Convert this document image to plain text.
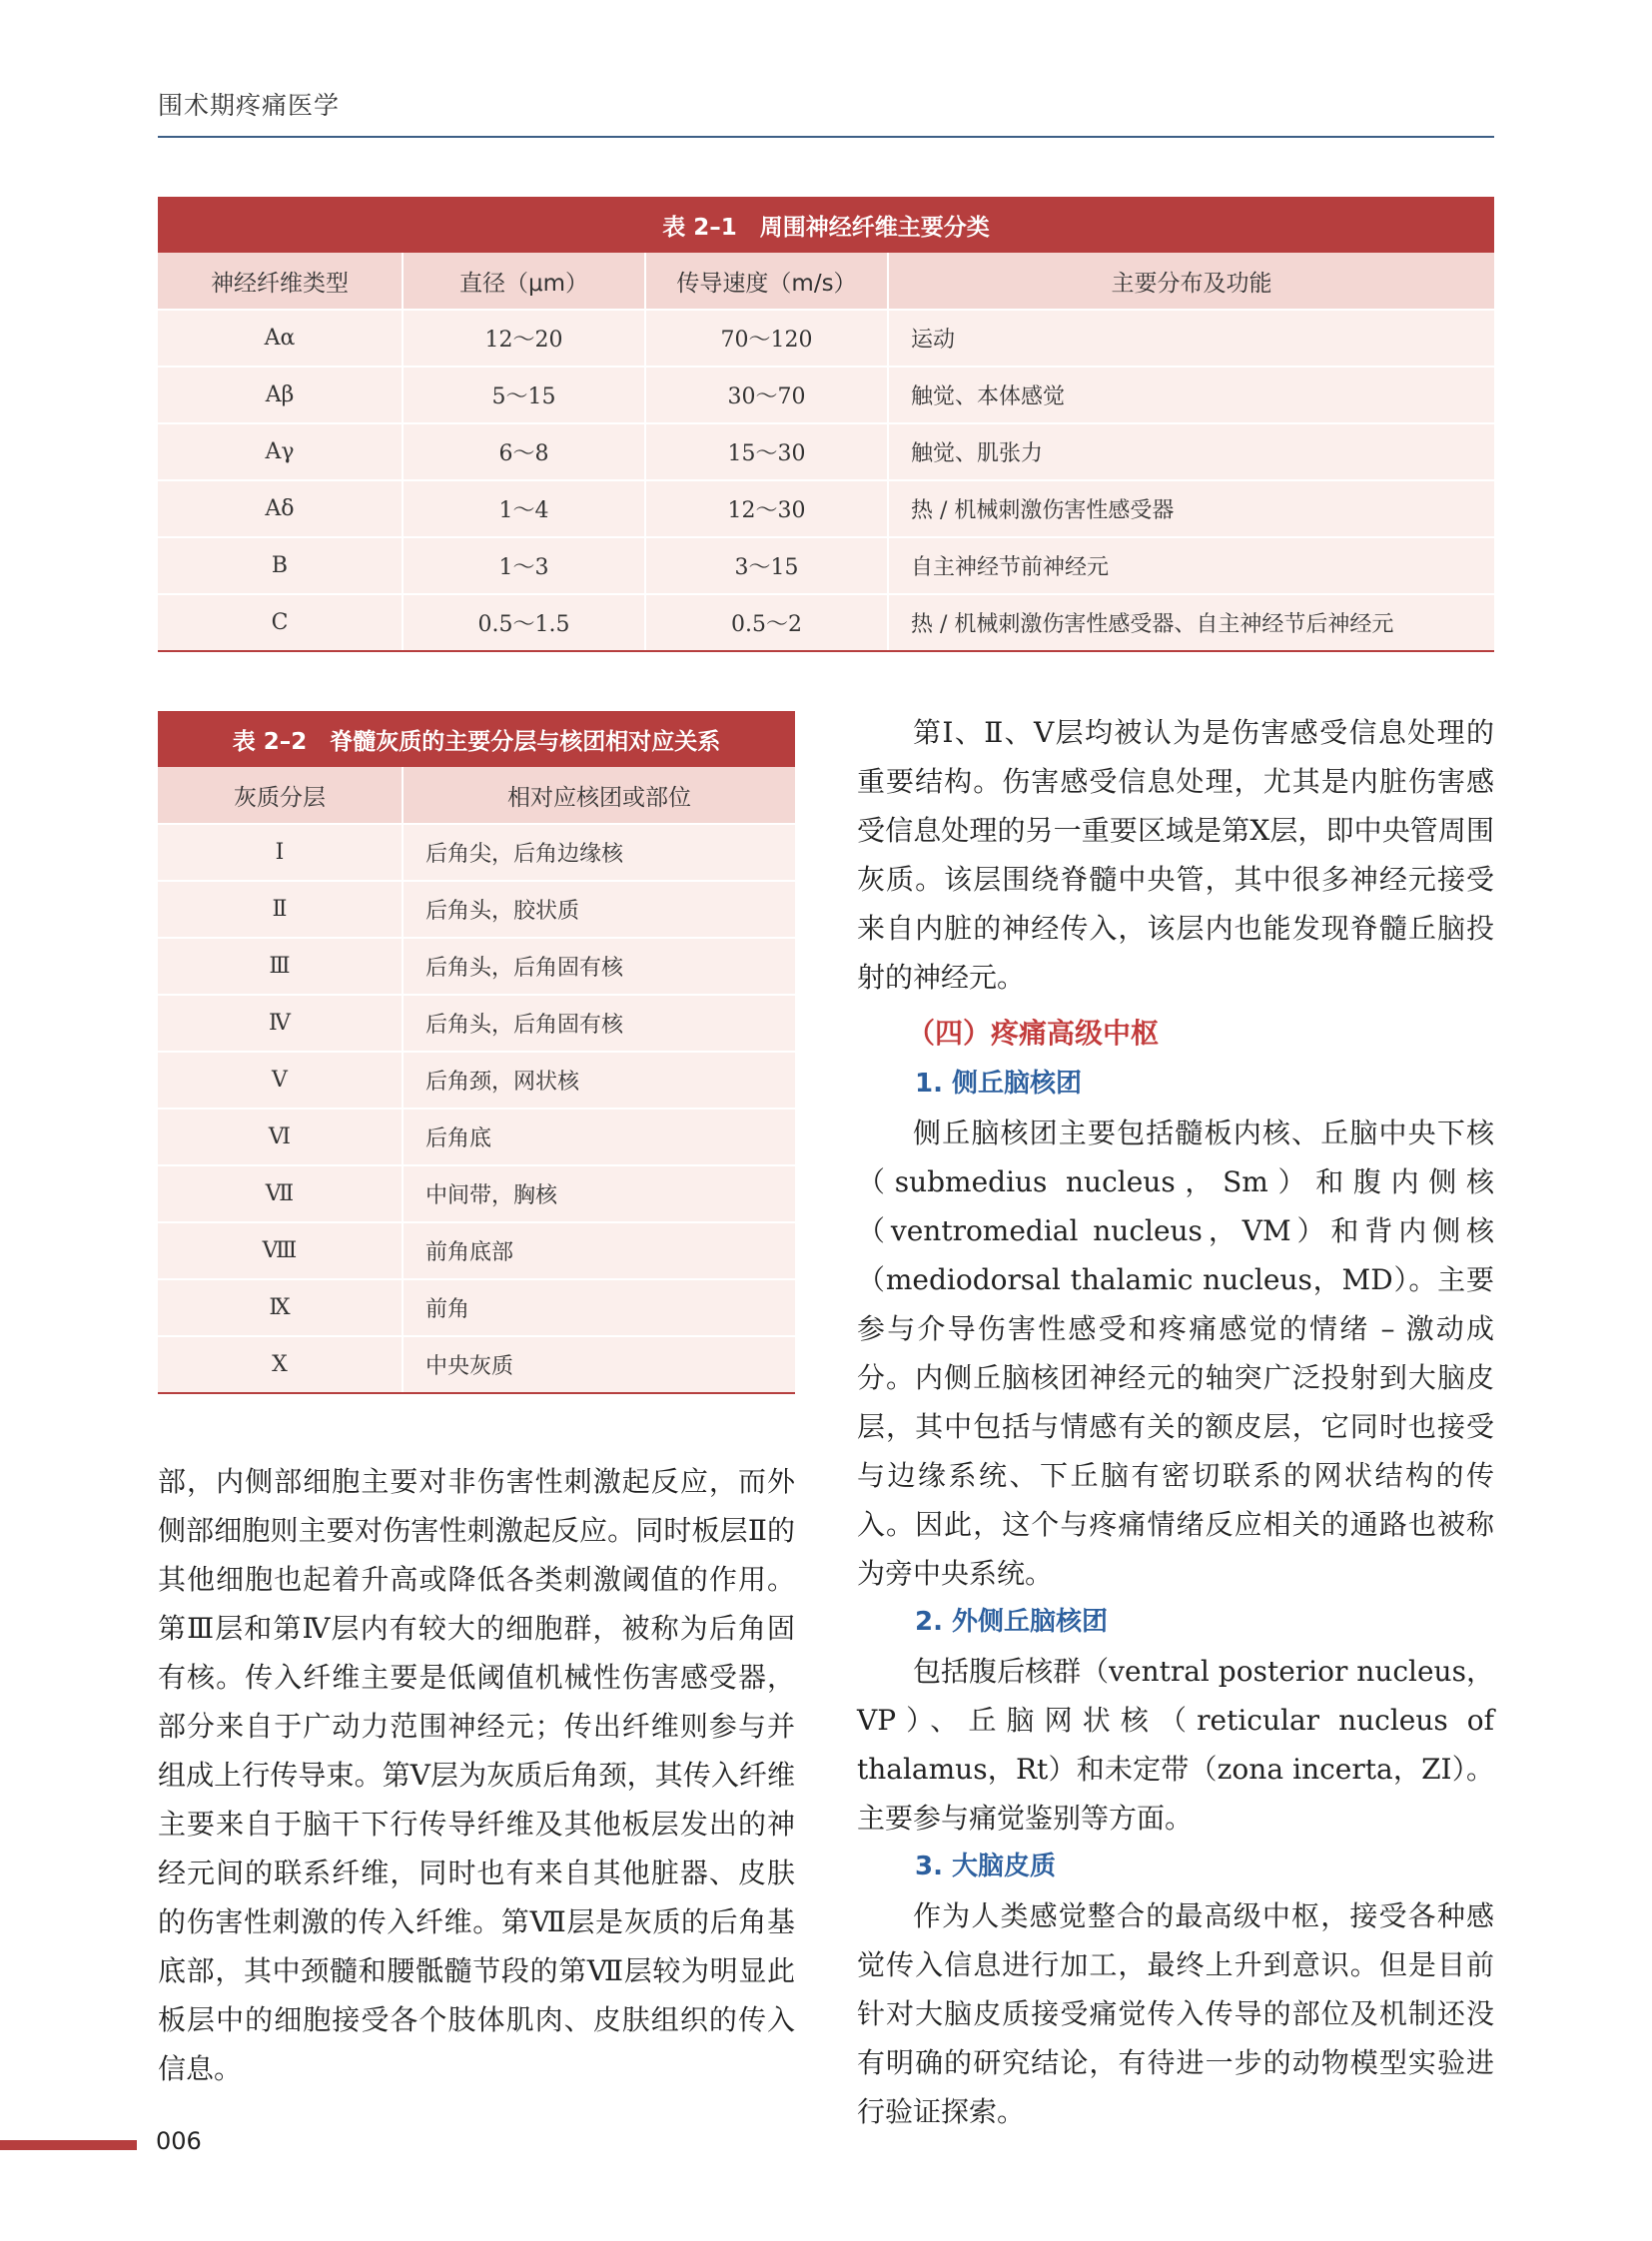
围术期疼痛医学
表 2–1　周围神经纤维主要分类			
神经纤维类型	直径（μm）	传导速度（m/s）	主要分布及功能
Aα	12～20	70～120	运动
Aβ	5～15	30～70	触觉、本体感觉
Aγ	6～8	15～30	触觉、肌张力
Aδ	1～4	12～30	热 / 机械刺激伤害性感受器
B	1～3	3～15	自主神经节前神经元
C	0.5～1.5	0.5～2	热 / 机械刺激伤害性感受器、自主神经节后神经元
表 2–2　脊髓灰质的主要分层与核团相对应关系	
灰质分层	相对应核团或部位
Ⅰ	后角尖，后角边缘核
Ⅱ	后角头，胶状质
Ⅲ	后角头，后角固有核
Ⅳ	后角头，后角固有核
Ⅴ	后角颈，网状核
Ⅵ	后角底
Ⅶ	中间带，胸核
Ⅷ	前角底部
Ⅸ	前角
Ⅹ	中央灰质

部，内侧部细胞主要对非伤害性刺激起反应，而外侧部细胞则主要对伤害性刺激起反应。同时板层Ⅱ的其他细胞也起着升高或降低各类刺激阈值的作用。第Ⅲ层和第Ⅳ层内有较大的细胞群，被称为后角固有核。传入纤维主要是低阈值机械性伤害感受器，部分来自于广动力范围神经元；传出纤维则参与并组成上行传导束。第Ⅴ层为灰质后角颈，其传入纤维主要来自于脑干下行传导纤维及其他板层发出的神经元间的联系纤维，同时也有来自其他脏器、皮肤的伤害性刺激的传入纤维。第Ⅶ层是灰质的后角基底部，其中颈髓和腰骶髓节段的第Ⅶ层较为明显此板层中的细胞接受各个肢体肌肉、皮肤组织的传入信息。

第Ⅰ、Ⅱ、Ⅴ层均被认为是伤害感受信息处理的重要结构。伤害感受信息处理，尤其是内脏伤害感受信息处理的另一重要区域是第Ⅹ层，即中央管周围灰质。该层围绕脊髓中央管，其中很多神经元接受来自内脏的神经传入，该层内也能发现脊髓丘脑投射的神经元。

（四）疼痛高级中枢
1. 侧丘脑核团

侧丘脑核团主要包括髓板内核、丘脑中央下核（submedius nucleus，Sm）和腹内侧核（ventromedial nucleus，VM）和背内侧核（mediodorsal thalamic nucleus，MD）。主要参与介导伤害性感受和疼痛感觉的情绪 – 激动成分。内侧丘脑核团神经元的轴突广泛投射到大脑皮层，其中包括与情感有关的额皮层，它同时也接受与边缘系统、下丘脑有密切联系的网状结构的传入。因此，这个与疼痛情绪反应相关的通路也被称为旁中央系统。

2. 外侧丘脑核团

包括腹后核群（ventral posterior nucleus，VP）、丘脑网状核（reticular nucleus of thalamus，Rt）和未定带（zona incerta，ZI）。主要参与痛觉鉴别等方面。

3. 大脑皮质

作为人类感觉整合的最高级中枢，接受各种感觉传入信息进行加工，最终上升到意识。但是目前针对大脑皮质接受痛觉传入传导的部位及机制还没有明确的研究结论，有待进一步的动物模型实验进行验证探索。

006
